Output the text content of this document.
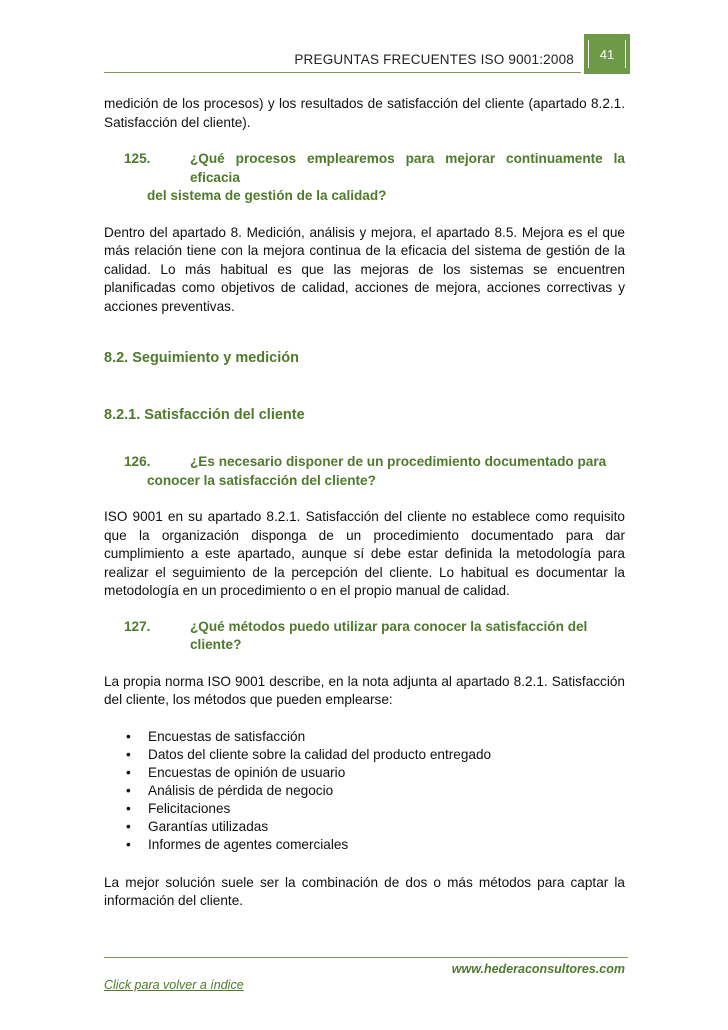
PREGUNTAS FRECUENTES ISO 9001:2008	41

medición de los procesos) y los resultados de satisfacción del cliente (apartado 8.2.1. Satisfacción del cliente).

125.	¿Qué procesos emplearemos para mejorar continuamente la eficacia
del sistema de gestión de la calidad?

Dentro del apartado 8. Medición, análisis y mejora, el apartado 8.5. Mejora es el que más relación tiene con la mejora continua de la eficacia del sistema de gestión de la calidad. Lo más habitual es que las mejoras de los sistemas se encuentren planificadas como objetivos de calidad, acciones de mejora, acciones correctivas y acciones preventivas.

8.2. Seguimiento y medición
8.2.1. Satisfacción del cliente
126.	¿Es necesario disponer de un procedimiento documentado para
conocer la satisfacción del cliente?

ISO 9001 en su apartado 8.2.1. Satisfacción del cliente no establece como requisito que la organización disponga de un procedimiento documentado para dar cumplimiento a este apartado, aunque sí debe estar definida la metodología para realizar el seguimiento de la percepción del cliente. Lo habitual es documentar la metodología en un procedimiento o en el propio manual de calidad.

127.	¿Qué métodos puedo utilizar para conocer la satisfacción del cliente?

La propia norma ISO 9001 describe, en la nota adjunta al apartado 8.2.1. Satisfacción del cliente, los métodos que pueden emplearse:

•	Encuestas de satisfacción
•	Datos del cliente sobre la calidad del producto entregado
•	Encuestas de opinión de usuario
•	Análisis de pérdida de negocio
•	Felicitaciones
•	Garantías utilizadas
•	Informes de agentes comerciales

La mejor solución suele ser la combinación de dos o más métodos para captar la información del cliente.

www.hederaconsultores.com
Click para volver a índice
